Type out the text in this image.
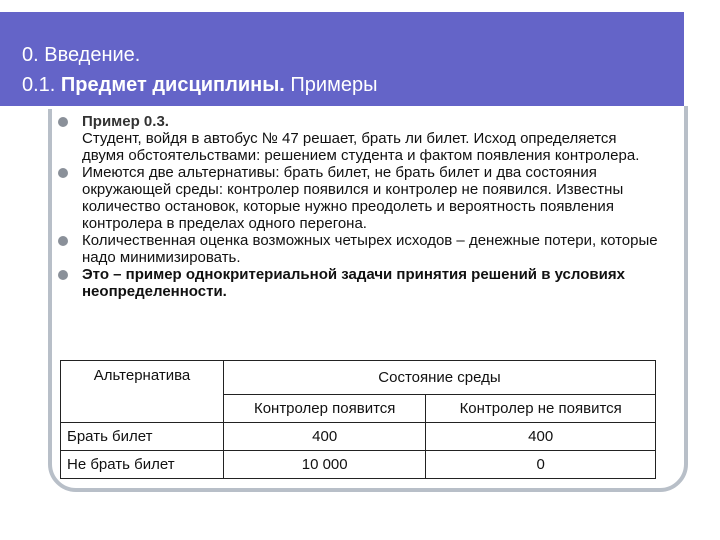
0. Введение.
0.1. Предмет дисциплины. Примеры
Пример 0.3.
Студент, войдя в автобус № 47 решает, брать ли билет. Исход определяется двумя обстоятельствами: решением студента и фактом появления контролера.
Имеются две альтернативы: брать билет, не брать билет и два состояния окружающей среды: контролер появился и контролер не появился. Известны количество остановок, которые нужно преодолеть и вероятность появления контролера в пределах одного перегона.
Количественная оценка возможных четырех исходов – денежные потери, которые надо минимизировать.
Это – пример однокритериальной задачи принятия решений в условиях неопределенности.
Альтернатива	Состояние среды	
	Контролер появится	Контролер не появится
Брать билет	400	400
Не брать билет	10 000	0
